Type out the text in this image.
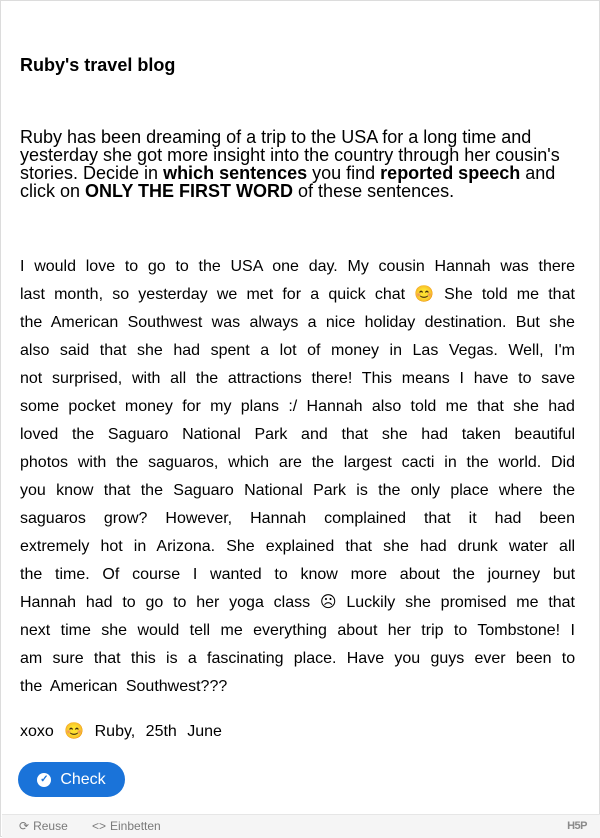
Ruby's travel blog

Ruby has been dreaming of a trip to the USA for a long time and yesterday she got more insight into the country through her cousin's stories. Decide in which sentences you find reported speech and click on ONLY THE FIRST WORD of these sentences.

I would love to go to the USA one day. My cousin Hannah was there last month, so yesterday we met for a quick chat 😊 She told me that the American Southwest was always a nice holiday destination. But she also said that she had spent a lot of money in Las Vegas. Well, I'm not surprised, with all the attractions there! This means I have to save some pocket money for my plans :/ Hannah also told me that she had loved the Saguaro National Park and that she had taken beautiful photos with the saguaros, which are the largest cacti in the world. Did you know that the Saguaro National Park is the only place where the saguaros grow? However, Hannah complained that it had been extremely hot in Arizona. She explained that she had drunk water all the time. Of course I wanted to know more about the journey but Hannah had to go to her yoga class ☹ Luckily she promised me that next time she would tell me everything about her trip to Tombstone! I am sure that this is a fascinating place. Have you guys ever been to the American Southwest???
xoxo 😊 Ruby, 25th June
✓ Check
⟳ Reuse <> Einbetten	H5P
